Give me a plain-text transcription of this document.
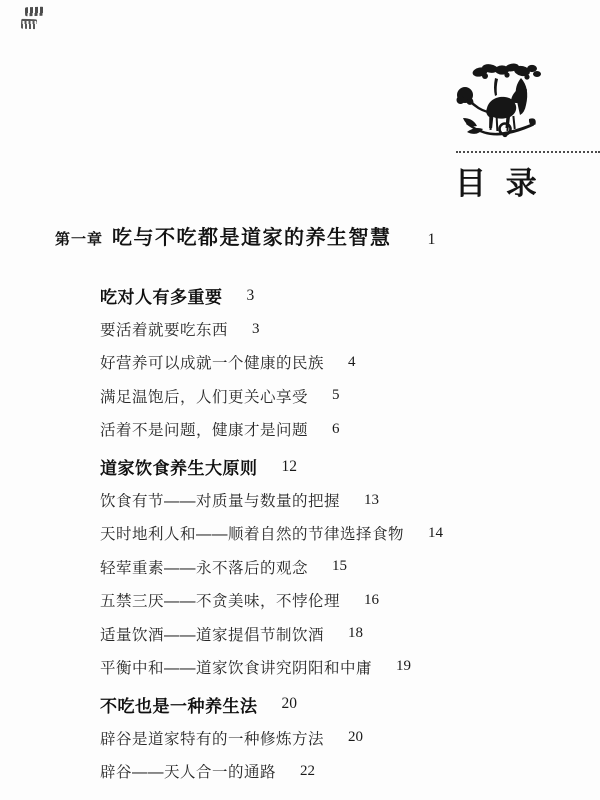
目 录
第一章 吃与不吃都是道家的养生智慧 1
吃对人有多重要 3
要活着就要吃东西 3
好营养可以成就一个健康的民族 4
满足温饱后，人们更关心享受 5
活着不是问题，健康才是问题 6
道家饮食养生大原则 12
饮食有节——对质量与数量的把握 13
天时地利人和——顺着自然的节律选择食物 14
轻荤重素——永不落后的观念 15
五禁三厌——不贪美味，不悖伦理 16
适量饮酒——道家提倡节制饮酒 18
平衡中和——道家饮食讲究阴阳和中庸 19
不吃也是一种养生法 20
辟谷是道家特有的一种修炼方法 20
辟谷——天人合一的通路 22
